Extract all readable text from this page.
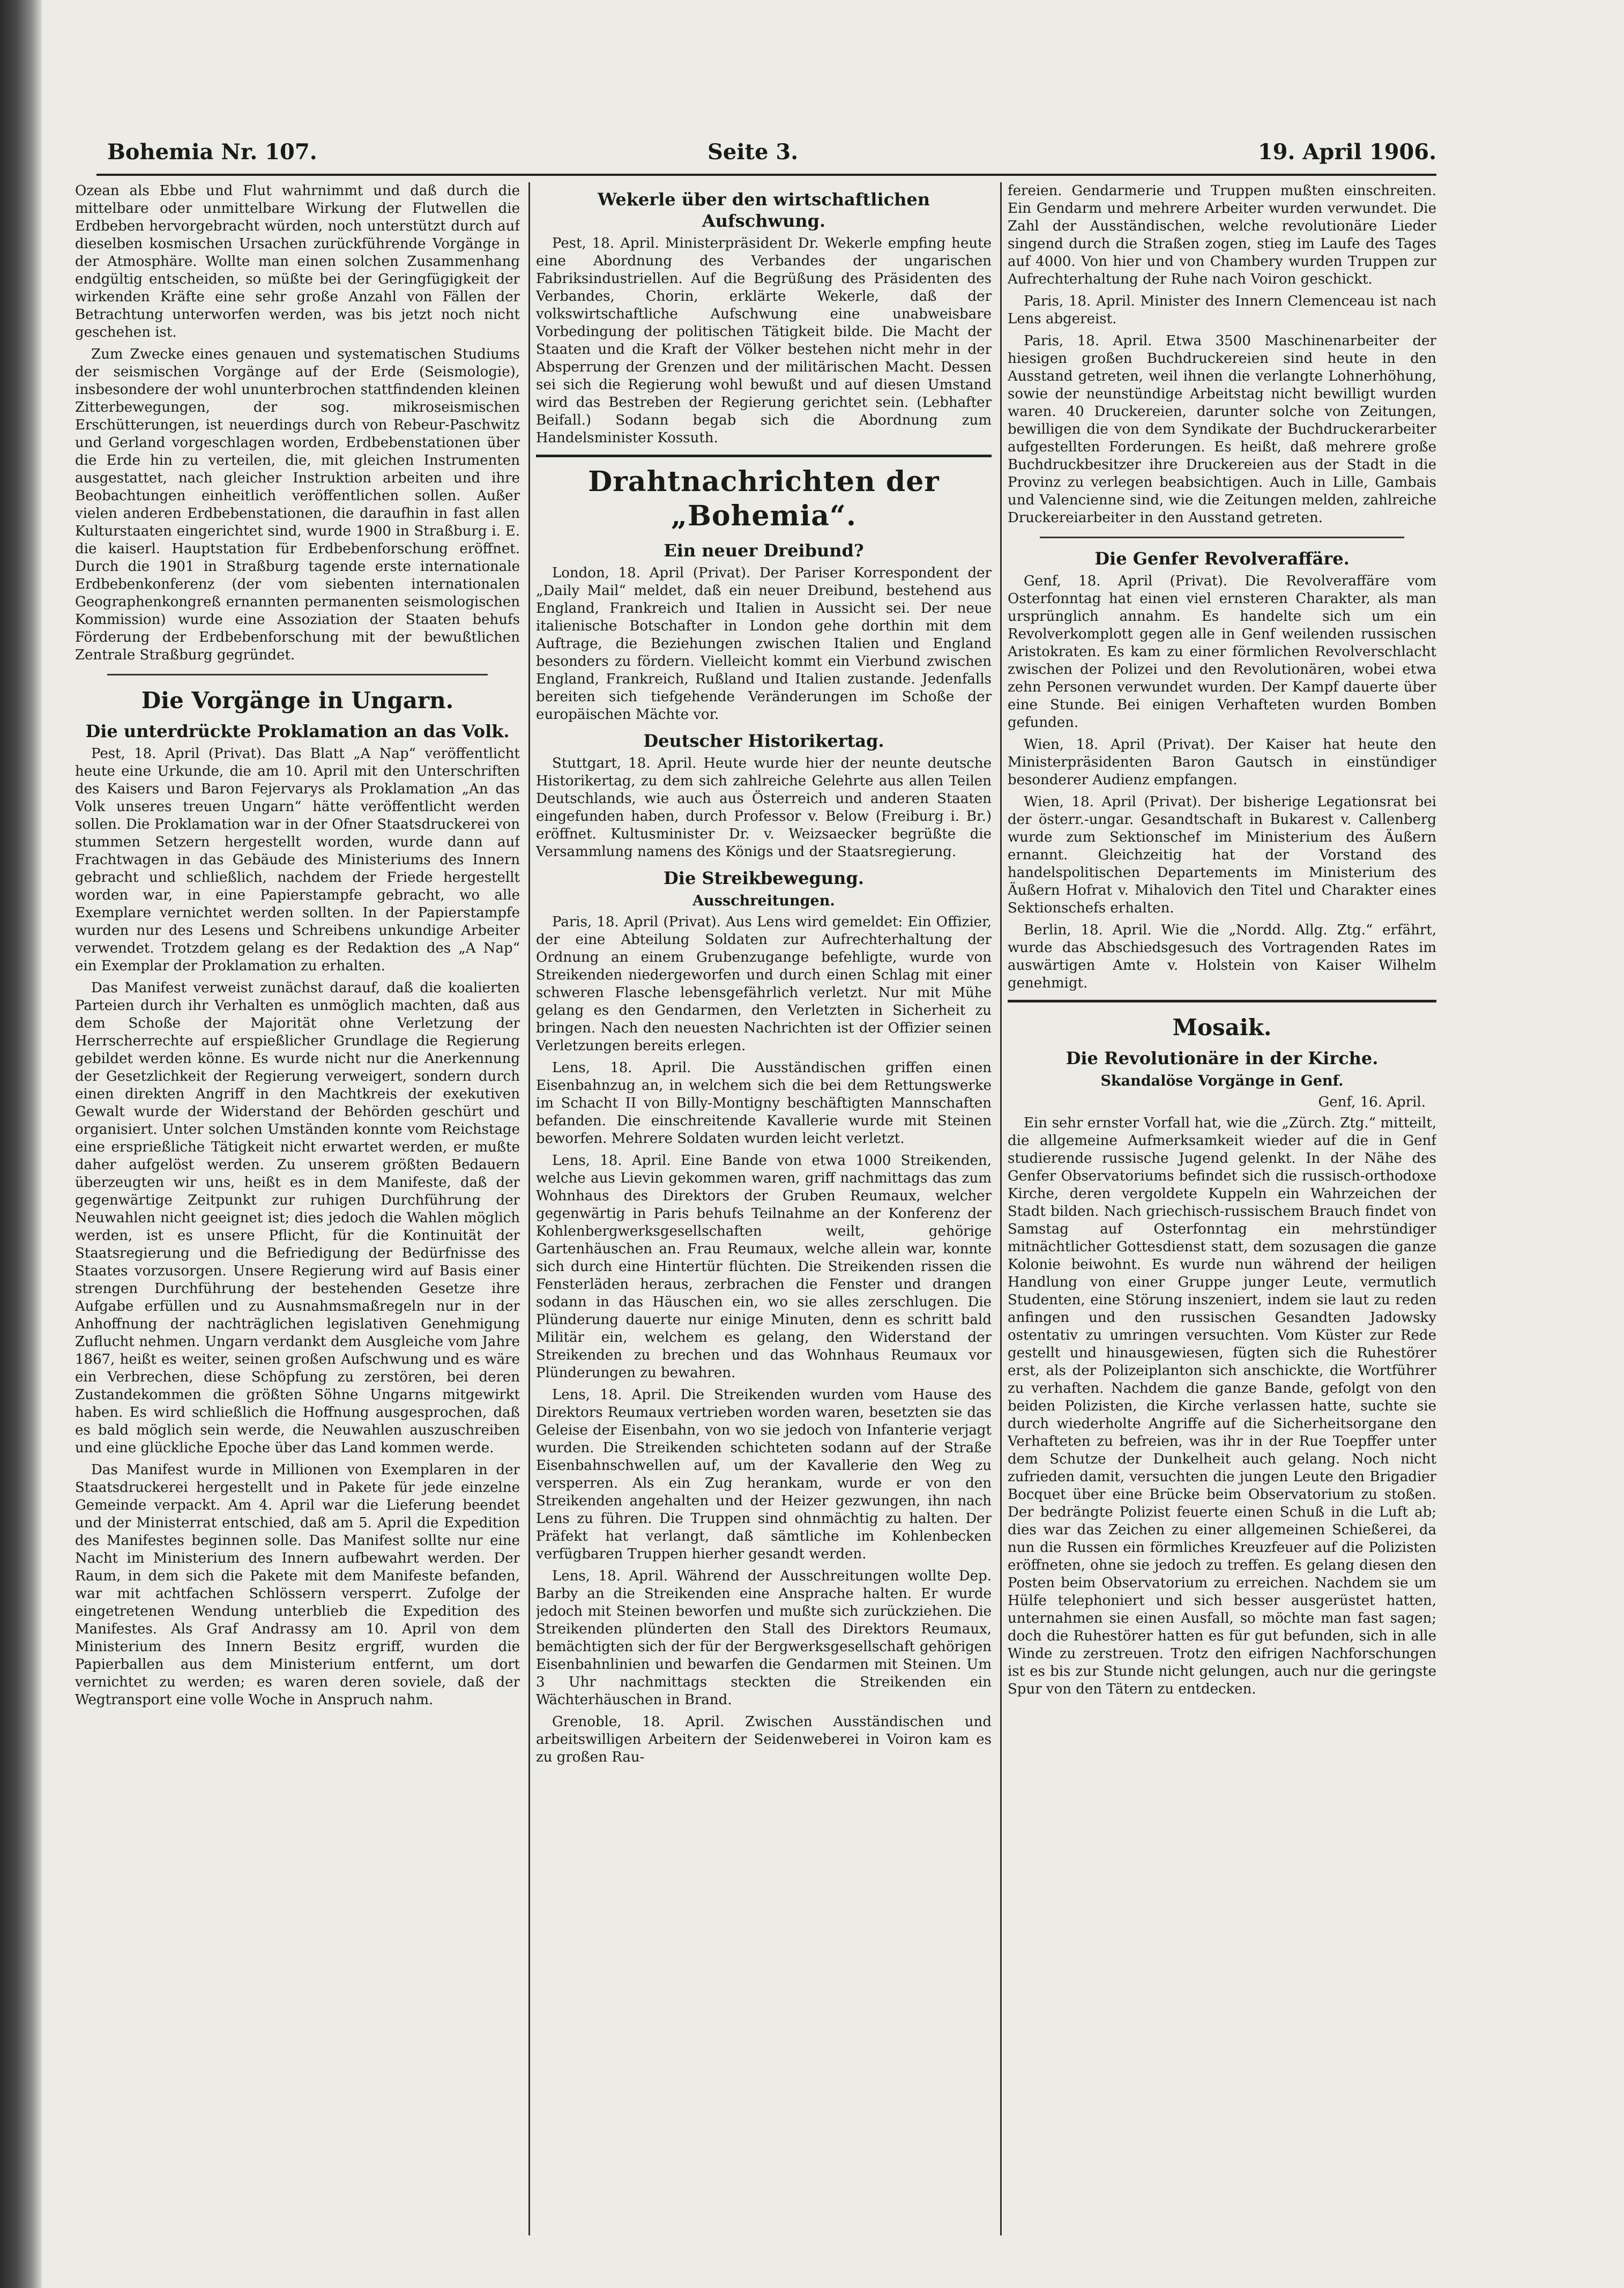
Bohemia Nr. 107.	Seite 3.	19. April 1906.

Ozean als Ebbe und Flut wahrnimmt und daß durch die mittelbare oder unmittelbare Wirkung der Flutwellen die Erdbeben hervorgebracht würden, noch unterstützt durch auf dieselben kosmischen Ursachen zurückführende Vorgänge in der Atmosphäre. Wollte man einen solchen Zusammenhang endgültig entscheiden, so müßte bei der Geringfügigkeit der wirkenden Kräfte eine sehr große Anzahl von Fällen der Betrachtung unterworfen werden, was bis jetzt noch nicht geschehen ist.

Zum Zwecke eines genauen und systematischen Studiums der seismischen Vorgänge auf der Erde (Seismologie), insbesondere der wohl ununterbrochen stattfindenden kleinen Zitterbewegungen, der sog. mikroseismischen Erschütterungen, ist neuerdings durch von Rebeur-Paschwitz und Gerland vorgeschlagen worden, Erdbebenstationen über die Erde hin zu verteilen, die, mit gleichen Instrumenten ausgestattet, nach gleicher Instruktion arbeiten und ihre Beobachtungen einheitlich veröffentlichen sollen. Außer vielen anderen Erdbebenstationen, die daraufhin in fast allen Kulturstaaten eingerichtet sind, wurde 1900 in Straßburg i. E. die kaiserl. Hauptstation für Erdbebenforschung eröffnet. Durch die 1901 in Straßburg tagende erste internationale Erdbebenkonferenz (der vom siebenten internationalen Geographenkongreß ernannten permanenten seismologischen Kommission) wurde eine Assoziation der Staaten behufs Förderung der Erdbebenforschung mit der bewußtlichen Zentrale Straßburg gegründet.

Die Vorgänge in Ungarn.
Die unterdrückte Proklamation an das Volk.

Pest, 18. April (Privat). Das Blatt „A Nap“ veröffentlicht heute eine Urkunde, die am 10. April mit den Unterschriften des Kaisers und Baron Fejervarys als Proklamation „An das Volk unseres treuen Ungarn“ hätte veröffentlicht werden sollen. Die Proklamation war in der Ofner Staatsdruckerei von stummen Setzern hergestellt worden, wurde dann auf Frachtwagen in das Gebäude des Ministeriums des Innern gebracht und schließlich, nachdem der Friede hergestellt worden war, in eine Papierstampfe gebracht, wo alle Exemplare vernichtet werden sollten. In der Papierstampfe wurden nur des Lesens und Schreibens unkundige Arbeiter verwendet. Trotzdem gelang es der Redaktion des „A Nap“ ein Exemplar der Proklamation zu erhalten.

Das Manifest verweist zunächst darauf, daß die koalierten Parteien durch ihr Verhalten es unmöglich machten, daß aus dem Schoße der Majorität ohne Verletzung der Herrscherrechte auf erspießlicher Grundlage die Regierung gebildet werden könne. Es wurde nicht nur die Anerkennung der Gesetzlichkeit der Regierung verweigert, sondern durch einen direkten Angriff in den Machtkreis der exekutiven Gewalt wurde der Widerstand der Behörden geschürt und organisiert. Unter solchen Umständen konnte vom Reichstage eine ersprießliche Tätigkeit nicht erwartet werden, er mußte daher aufgelöst werden. Zu unserem größten Bedauern überzeugten wir uns, heißt es in dem Manifeste, daß der gegenwärtige Zeitpunkt zur ruhigen Durchführung der Neuwahlen nicht geeignet ist; dies jedoch die Wahlen möglich werden, ist es unsere Pflicht, für die Kontinuität der Staatsregierung und die Befriedigung der Bedürfnisse des Staates vorzusorgen. Unsere Regierung wird auf Basis einer strengen Durchführung der bestehenden Gesetze ihre Aufgabe erfüllen und zu Ausnahmsmaßregeln nur in der Anhoffnung der nachträglichen legislativen Genehmigung Zuflucht nehmen. Ungarn verdankt dem Ausgleiche vom Jahre 1867, heißt es weiter, seinen großen Aufschwung und es wäre ein Verbrechen, diese Schöpfung zu zerstören, bei deren Zustandekommen die größten Söhne Ungarns mitgewirkt haben. Es wird schließlich die Hoffnung ausgesprochen, daß es bald möglich sein werde, die Neuwahlen auszuschreiben und eine glückliche Epoche über das Land kommen werde.

Das Manifest wurde in Millionen von Exemplaren in der Staatsdruckerei hergestellt und in Pakete für jede einzelne Gemeinde verpackt. Am 4. April war die Lieferung beendet und der Ministerrat entschied, daß am 5. April die Expedition des Manifestes beginnen solle. Das Manifest sollte nur eine Nacht im Ministerium des Innern aufbewahrt werden. Der Raum, in dem sich die Pakete mit dem Manifeste befanden, war mit achtfachen Schlössern versperrt. Zufolge der eingetretenen Wendung unterblieb die Expedition des Manifestes. Als Graf Andrassy am 10. April von dem Ministerium des Innern Besitz ergriff, wurden die Papierballen aus dem Ministerium entfernt, um dort vernichtet zu werden; es waren deren soviele, daß der Wegtransport eine volle Woche in Anspruch nahm.

Wekerle über den wirtschaftlichen Aufschwung.

Pest, 18. April. Ministerpräsident Dr. Wekerle empfing heute eine Abordnung des Verbandes der ungarischen Fabriksindustriellen. Auf die Begrüßung des Präsidenten des Verbandes, Chorin, erklärte Wekerle, daß der volkswirtschaftliche Aufschwung eine unabweisbare Vorbedingung der politischen Tätigkeit bilde. Die Macht der Staaten und die Kraft der Völker bestehen nicht mehr in der Absperrung der Grenzen und der militärischen Macht. Dessen sei sich die Regierung wohl bewußt und auf diesen Umstand wird das Bestreben der Regierung gerichtet sein. (Lebhafter Beifall.) Sodann begab sich die Abordnung zum Handelsminister Kossuth.

Drahtnachrichten der „Bohemia“.
Ein neuer Dreibund?

London, 18. April (Privat). Der Pariser Korrespondent der „Daily Mail“ meldet, daß ein neuer Dreibund, bestehend aus England, Frankreich und Italien in Aussicht sei. Der neue italienische Botschafter in London gehe dorthin mit dem Auftrage, die Beziehungen zwischen Italien und England besonders zu fördern. Vielleicht kommt ein Vierbund zwischen England, Frankreich, Rußland und Italien zustande. Jedenfalls bereiten sich tiefgehende Veränderungen im Schoße der europäischen Mächte vor.

Deutscher Historikertag.

Stuttgart, 18. April. Heute wurde hier der neunte deutsche Historikertag, zu dem sich zahlreiche Gelehrte aus allen Teilen Deutschlands, wie auch aus Österreich und anderen Staaten eingefunden haben, durch Professor v. Below (Freiburg i. Br.) eröffnet. Kultusminister Dr. v. Weizsaecker begrüßte die Versammlung namens des Königs und der Staatsregierung.

Die Streikbewegung.
Ausschreitungen.

Paris, 18. April (Privat). Aus Lens wird gemeldet: Ein Offizier, der eine Abteilung Soldaten zur Aufrechterhaltung der Ordnung an einem Grubenzugange befehligte, wurde von Streikenden niedergeworfen und durch einen Schlag mit einer schweren Flasche lebensgefährlich verletzt. Nur mit Mühe gelang es den Gendarmen, den Verletzten in Sicherheit zu bringen. Nach den neuesten Nachrichten ist der Offizier seinen Verletzungen bereits erlegen.

Lens, 18. April. Die Ausständischen griffen einen Eisenbahnzug an, in welchem sich die bei dem Rettungswerke im Schacht II von Billy-Montigny beschäftigten Mannschaften befanden. Die einschreitende Kavallerie wurde mit Steinen beworfen. Mehrere Soldaten wurden leicht verletzt.

Lens, 18. April. Eine Bande von etwa 1000 Streikenden, welche aus Lievin gekommen waren, griff nachmittags das zum Wohnhaus des Direktors der Gruben Reumaux, welcher gegenwärtig in Paris behufs Teilnahme an der Konferenz der Kohlenbergwerksgesellschaften weilt, gehörige Gartenhäuschen an. Frau Reumaux, welche allein war, konnte sich durch eine Hintertür flüchten. Die Streikenden rissen die Fensterläden heraus, zerbrachen die Fenster und drangen sodann in das Häuschen ein, wo sie alles zerschlugen. Die Plünderung dauerte nur einige Minuten, denn es schritt bald Militär ein, welchem es gelang, den Widerstand der Streikenden zu brechen und das Wohnhaus Reumaux vor Plünderungen zu bewahren.

Lens, 18. April. Die Streikenden wurden vom Hause des Direktors Reumaux vertrieben worden waren, besetzten sie das Geleise der Eisenbahn, von wo sie jedoch von Infanterie verjagt wurden. Die Streikenden schichteten sodann auf der Straße Eisenbahnschwellen auf, um der Kavallerie den Weg zu versperren. Als ein Zug herankam, wurde er von den Streikenden angehalten und der Heizer gezwungen, ihn nach Lens zu führen. Die Truppen sind ohnmächtig zu halten. Der Präfekt hat verlangt, daß sämtliche im Kohlenbecken verfügbaren Truppen hierher gesandt werden.

Lens, 18. April. Während der Ausschreitungen wollte Dep. Barby an die Streikenden eine Ansprache halten. Er wurde jedoch mit Steinen beworfen und mußte sich zurückziehen. Die Streikenden plünderten den Stall des Direktors Reumaux, bemächtigten sich der für der Bergwerksgesellschaft gehörigen Eisenbahnlinien und bewarfen die Gendarmen mit Steinen. Um 3 Uhr nachmittags steckten die Streikenden ein Wächterhäuschen in Brand.

Grenoble, 18. April. Zwischen Ausständischen und arbeitswilligen Arbeitern der Seidenweberei in Voiron kam es zu großen Rau-

fereien. Gendarmerie und Truppen mußten einschreiten. Ein Gendarm und mehrere Arbeiter wurden verwundet. Die Zahl der Ausständischen, welche revolutionäre Lieder singend durch die Straßen zogen, stieg im Laufe des Tages auf 4000. Von hier und von Chambery wurden Truppen zur Aufrechterhaltung der Ruhe nach Voiron geschickt.

Paris, 18. April. Minister des Innern Clemenceau ist nach Lens abgereist.

Paris, 18. April. Etwa 3500 Maschinenarbeiter der hiesigen großen Buchdruckereien sind heute in den Ausstand getreten, weil ihnen die verlangte Lohnerhöhung, sowie der neunstündige Arbeitstag nicht bewilligt wurden waren. 40 Druckereien, darunter solche von Zeitungen, bewilligen die von dem Syndikate der Buchdruckerarbeiter aufgestellten Forderungen. Es heißt, daß mehrere große Buchdruckbesitzer ihre Druckereien aus der Stadt in die Provinz zu verlegen beabsichtigen. Auch in Lille, Gambais und Valencienne sind, wie die Zeitungen melden, zahlreiche Druckereiarbeiter in den Ausstand getreten.

Die Genfer Revolveraffäre.

Genf, 18. April (Privat). Die Revolveraffäre vom Osterfonntag hat einen viel ernsteren Charakter, als man ursprünglich annahm. Es handelte sich um ein Revolverkomplott gegen alle in Genf weilenden russischen Aristokraten. Es kam zu einer förmlichen Revolverschlacht zwischen der Polizei und den Revolutionären, wobei etwa zehn Personen verwundet wurden. Der Kampf dauerte über eine Stunde. Bei einigen Verhafteten wurden Bomben gefunden.

Wien, 18. April (Privat). Der Kaiser hat heute den Ministerpräsidenten Baron Gautsch in einstündiger besonderer Audienz empfangen.

Wien, 18. April (Privat). Der bisherige Legationsrat bei der österr.-ungar. Gesandtschaft in Bukarest v. Callenberg wurde zum Sektionschef im Ministerium des Äußern ernannt. Gleichzeitig hat der Vorstand des handelspolitischen Departements im Ministerium des Äußern Hofrat v. Mihalovich den Titel und Charakter eines Sektionschefs erhalten.

Berlin, 18. April. Wie die „Nordd. Allg. Ztg.“ erfährt, wurde das Abschiedsgesuch des Vortragenden Rates im auswärtigen Amte v. Holstein von Kaiser Wilhelm genehmigt.

Mosaik.
Die Revolutionäre in der Kirche.
Skandalöse Vorgänge in Genf.
Genf, 16. April.

Ein sehr ernster Vorfall hat, wie die „Zürch. Ztg.“ mitteilt, die allgemeine Aufmerksamkeit wieder auf die in Genf studierende russische Jugend gelenkt. In der Nähe des Genfer Observatoriums befindet sich die russisch-orthodoxe Kirche, deren vergoldete Kuppeln ein Wahrzeichen der Stadt bilden. Nach griechisch-russischem Brauch findet von Samstag auf Osterfonntag ein mehrstündiger mitnächtlicher Gottesdienst statt, dem sozusagen die ganze Kolonie beiwohnt. Es wurde nun während der heiligen Handlung von einer Gruppe junger Leute, vermutlich Studenten, eine Störung inszeniert, indem sie laut zu reden anfingen und den russischen Gesandten Jadowsky ostentativ zu umringen versuchten. Vom Küster zur Rede gestellt und hinausgewiesen, fügten sich die Ruhestörer erst, als der Polizeiplanton sich anschickte, die Wortführer zu verhaften. Nachdem die ganze Bande, gefolgt von den beiden Polizisten, die Kirche verlassen hatte, suchte sie durch wiederholte Angriffe auf die Sicherheitsorgane den Verhafteten zu befreien, was ihr in der Rue Toepffer unter dem Schutze der Dunkelheit auch gelang. Noch nicht zufrieden damit, versuchten die jungen Leute den Brigadier Bocquet über eine Brücke beim Observatorium zu stoßen. Der bedrängte Polizist feuerte einen Schuß in die Luft ab; dies war das Zeichen zu einer allgemeinen Schießerei, da nun die Russen ein förmliches Kreuzfeuer auf die Polizisten eröffneten, ohne sie jedoch zu treffen. Es gelang diesen den Posten beim Observatorium zu erreichen. Nachdem sie um Hülfe telephoniert und sich besser ausgerüstet hatten, unternahmen sie einen Ausfall, so möchte man fast sagen; doch die Ruhestörer hatten es für gut befunden, sich in alle Winde zu zerstreuen. Trotz den eifrigen Nachforschungen ist es bis zur Stunde nicht gelungen, auch nur die geringste Spur von den Tätern zu entdecken.
